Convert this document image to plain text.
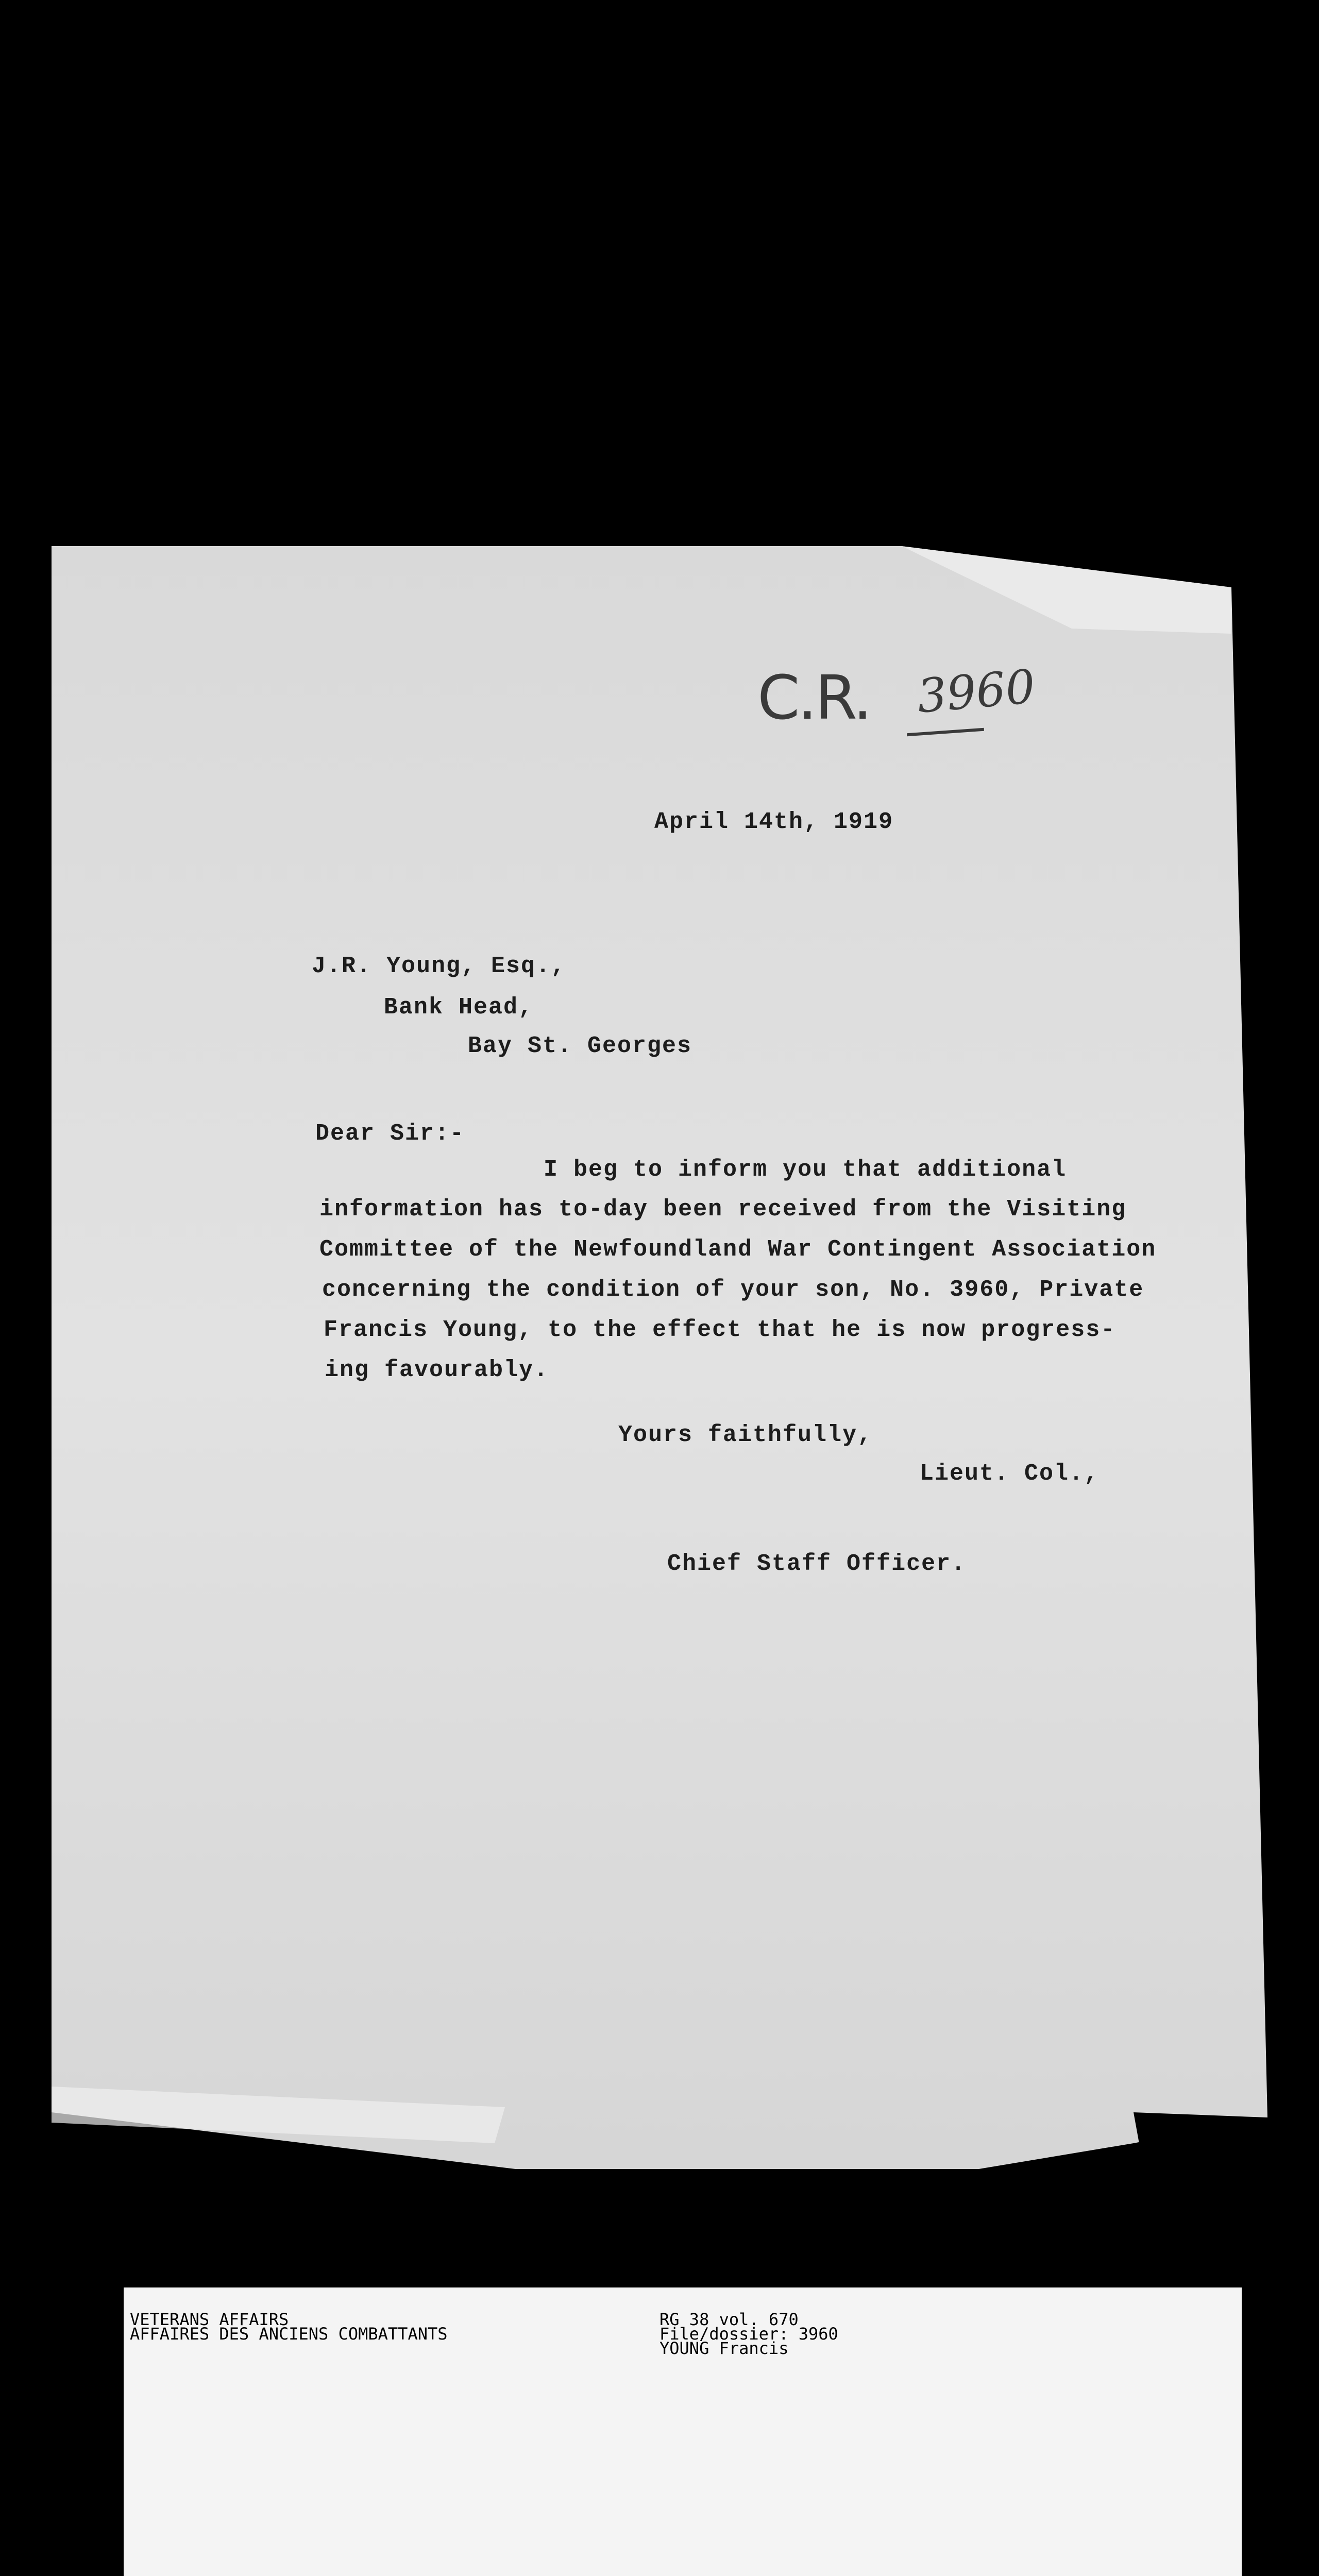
C.R. 3960
April 14th, 1919
J.R. Young, Esq.,
Bank Head,
Bay St. Georges
Dear Sir:-
I beg to inform you that additional
information has to-day been received from the Visiting
Committee of the Newfoundland War Contingent Association
concerning the condition of your son, No. 3960, Private
Francis Young, to the effect that he is now progress-
ing favourably.
Yours faithfully,
Lieut. Col.,
Chief Staff Officer.
VETERANS AFFAIRS
AFFAIRES DES ANCIENS COMBATTANTS
RG 38 vol. 670
File/dossier: 3960
YOUNG Francis
